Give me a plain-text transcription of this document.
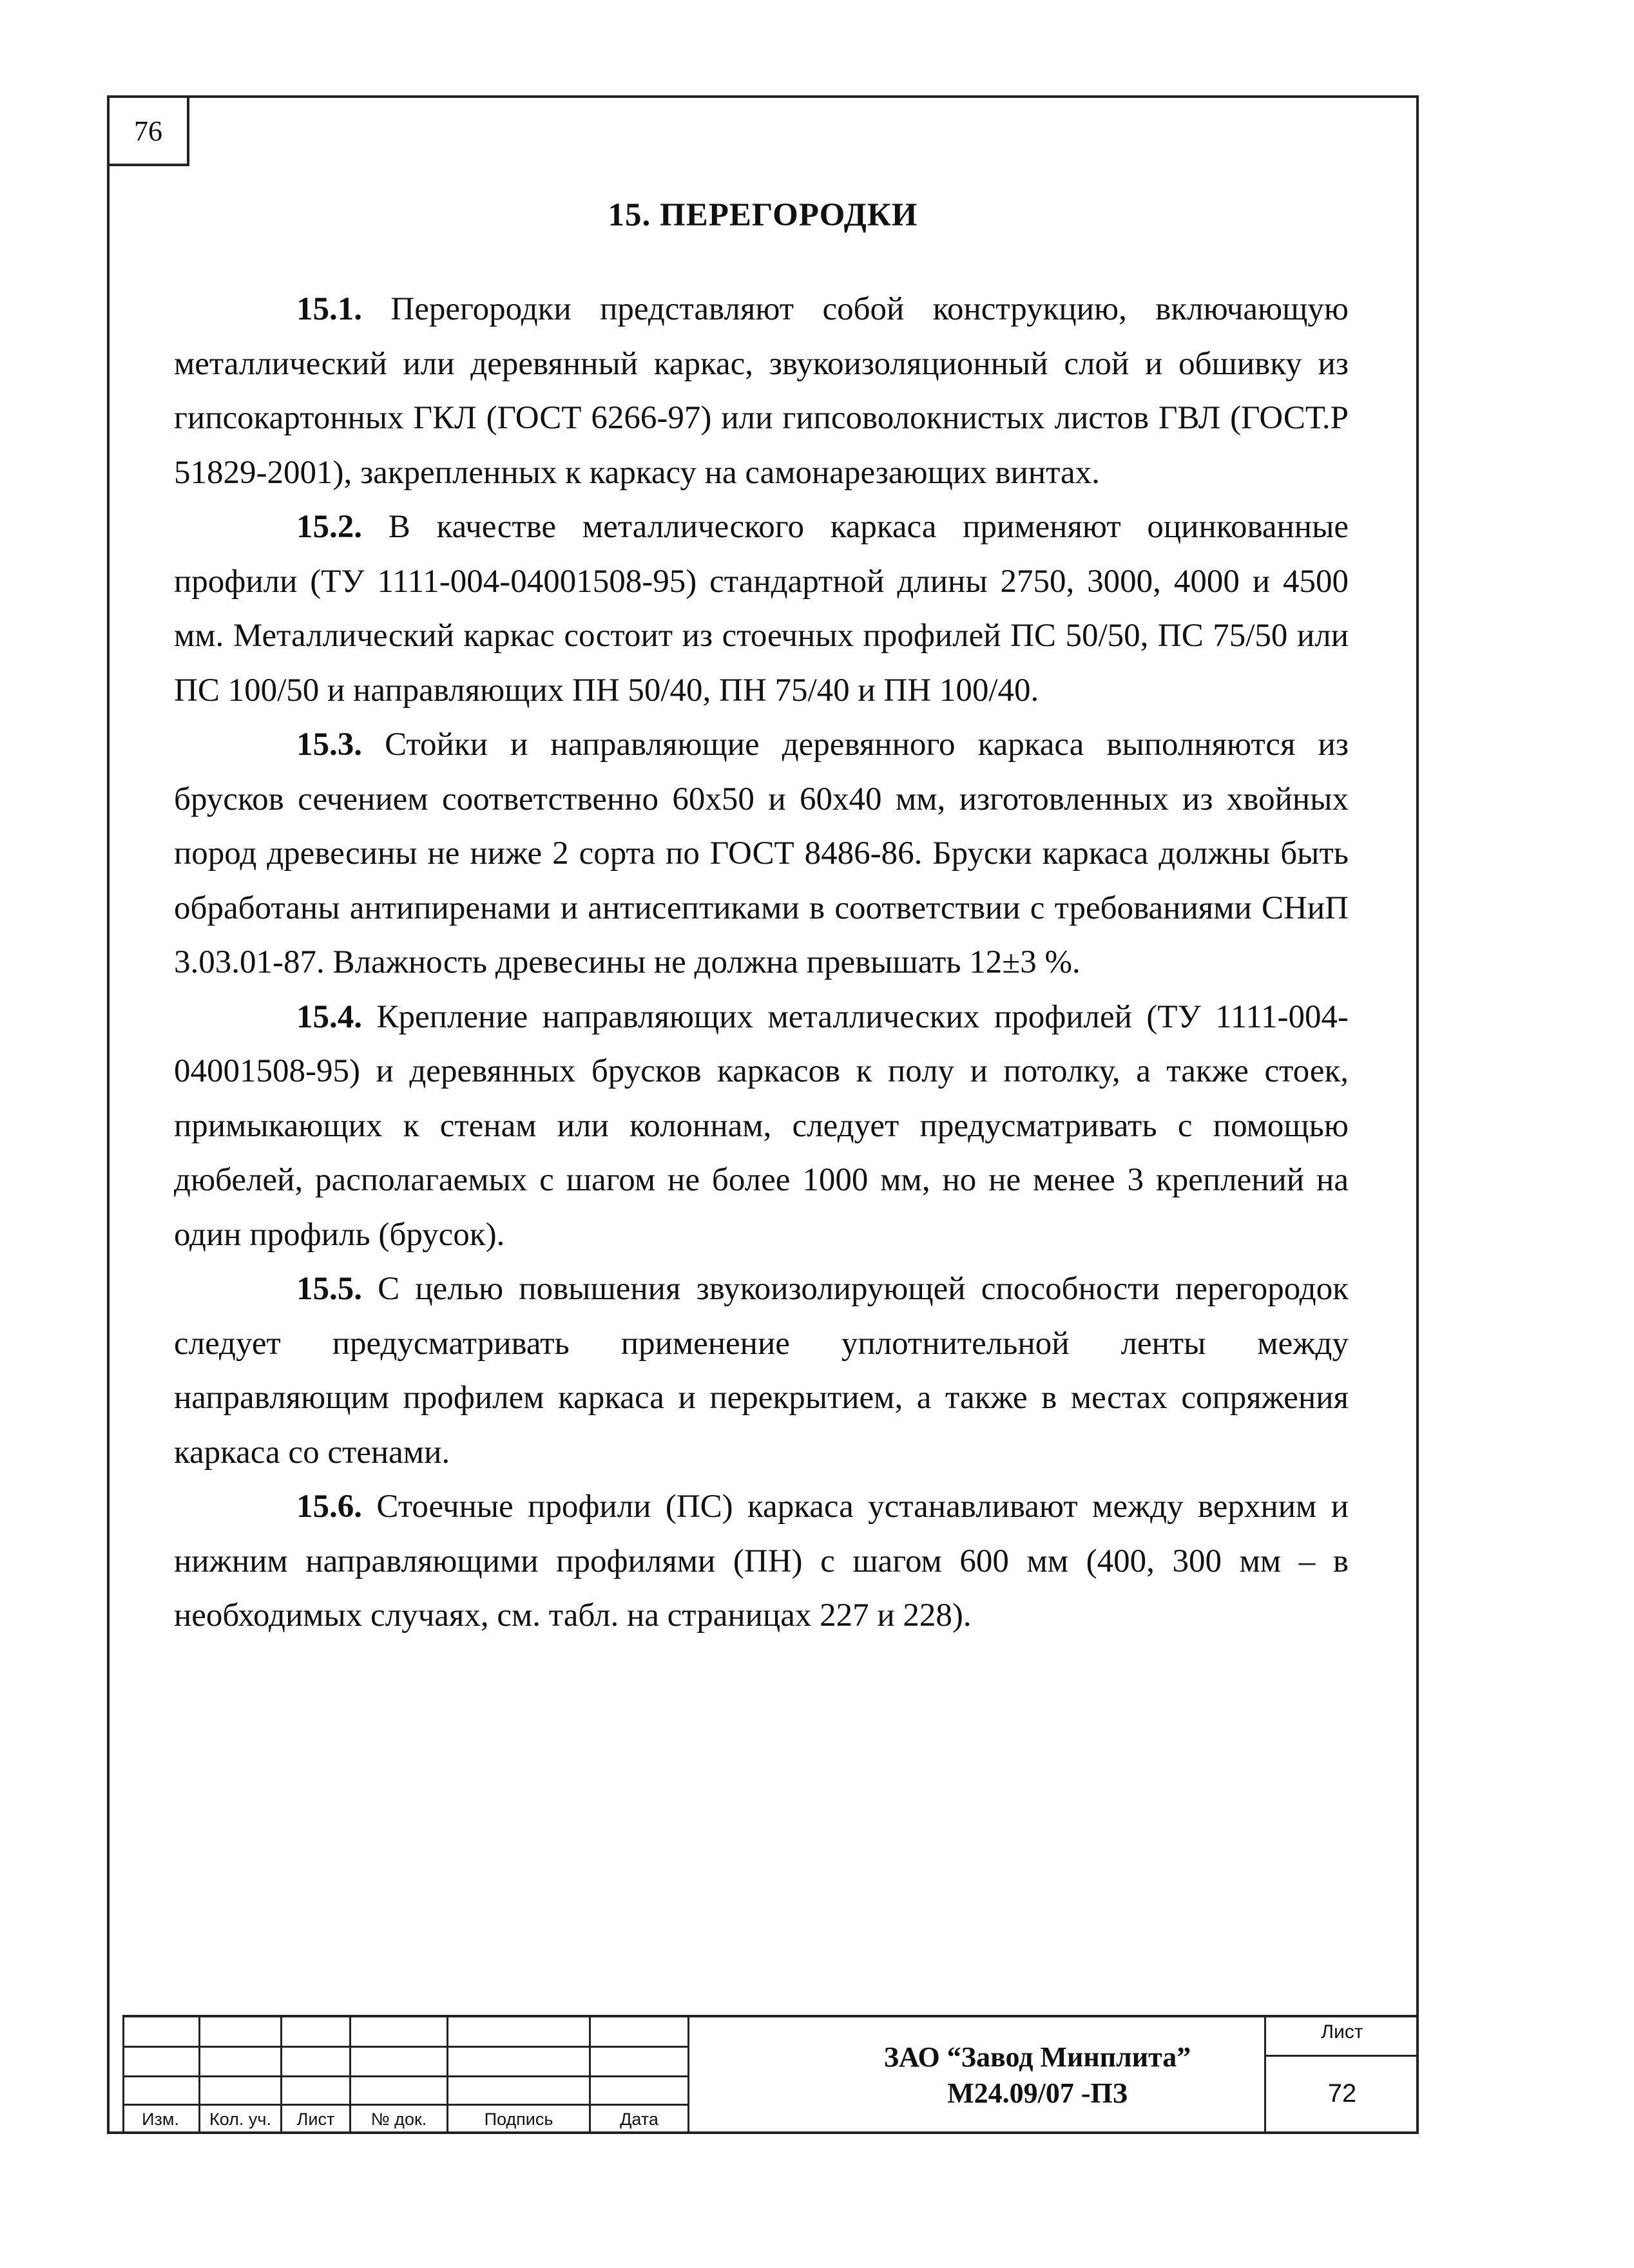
76
15. ПЕРЕГОРОДКИ

15.1. Перегородки представляют собой конструкцию, включающую металлический или деревянный каркас, звукоизоляционный слой и обшивку из гипсокартонных ГКЛ (ГОСТ 6266-97) или гипсоволокнистых листов ГВЛ (ГОСТ.Р 51829-2001), закрепленных к каркасу на самонарезающих винтах.

15.2. В качестве металлического каркаса применяют оцинкованные профили (ТУ 1111-004-04001508-95) стандартной длины 2750, 3000, 4000 и 4500 мм. Металлический каркас состоит из стоечных профилей ПС 50/50, ПС 75/50 или ПС 100/50 и направляющих ПН 50/40, ПН 75/40 и ПН 100/40.

15.3. Стойки и направляющие деревянного каркаса выполняются из брусков сечением соответственно 60х50 и 60х40 мм, изготовленных из хвойных пород древесины не ниже 2 сорта по ГОСТ 8486-86. Бруски каркаса должны быть обработаны антипиренами и антисептиками в соответствии с требованиями СНиП 3.03.01-87. Влажность древесины не должна превышать 12±3 %.

15.4. Крепление направляющих металлических профилей (ТУ 1111-004-04001508-95) и деревянных брусков каркасов к полу и потолку, а также стоек, примыкающих к стенам или колоннам, следует предусматривать с помощью дюбелей, располагаемых с шагом не более 1000 мм, но не менее 3 креплений на один профиль (брусок).

15.5. С целью повышения звукоизолирующей способности перегородок следует предусматривать применение уплотнительной ленты между направляющим профилем каркаса и перекрытием, а также в местах сопряжения каркаса со стенами.

15.6. Стоечные профили (ПС) каркаса устанавливают между верхним и нижним направляющими профилями (ПН) с шагом 600 мм (400, 300 мм – в необходимых случаях, см. табл. на страницах 227 и 228).

Изм.	Кол. уч.	Лист	№ док.	Подпись	Дата
ЗАО “Завод Минплита”
М24.09/07 -ПЗ
Лист
72
